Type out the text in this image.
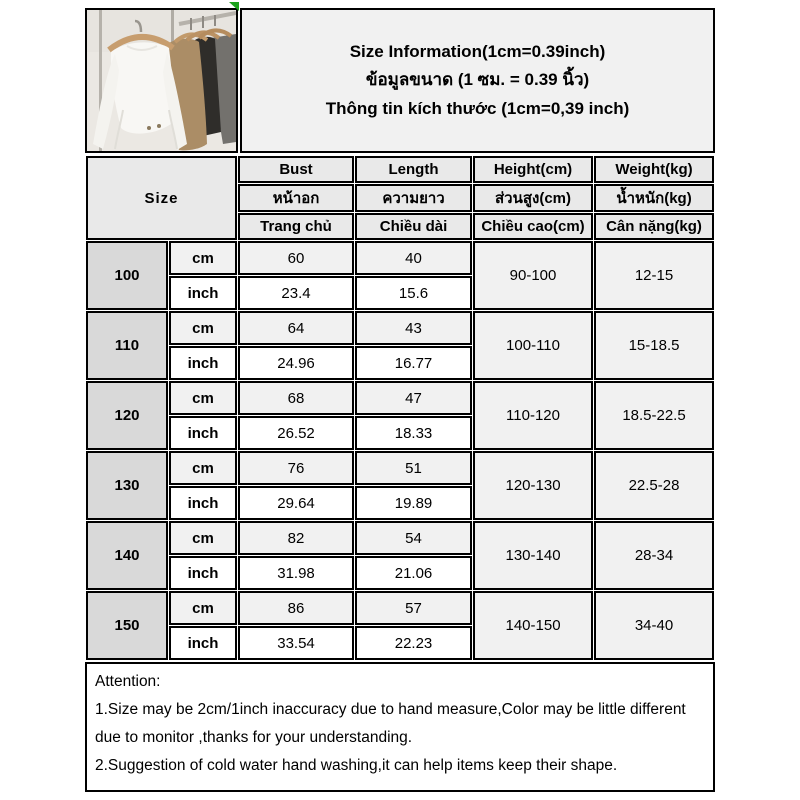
Size Information(1cm=0.39inch)
ข้อมูลขนาด (1 ซม. = 0.39 นิ้ว)
Thông tin kích thước (1cm=0,39 inch)
Size		Bust	Length	Height(cm)	Weight(kg)
		หน้าอก	ความยาว	ส่วนสูง(cm)	น้ำหนัก(kg)
		Trang chủ	Chiều dài	Chiều cao(cm)	Cân nặng(kg)
100	cm	60	40	90-100	12-15
	inch	23.4	15.6		
110	cm	64	43	100-110	15-18.5
	inch	24.96	16.77		
120	cm	68	47	110-120	18.5-22.5
	inch	26.52	18.33		
130	cm	76	51	120-130	22.5-28
	inch	29.64	19.89		
140	cm	82	54	130-140	28-34
	inch	31.98	21.06		
150	cm	86	57	140-150	34-40
	inch	33.54	22.23		
Attention:
1.Size may be 2cm/1inch inaccuracy due to hand measure,Color may be little different due to monitor ,thanks for your understanding.
2.Suggestion of cold water hand washing,it can help items keep their shape.
